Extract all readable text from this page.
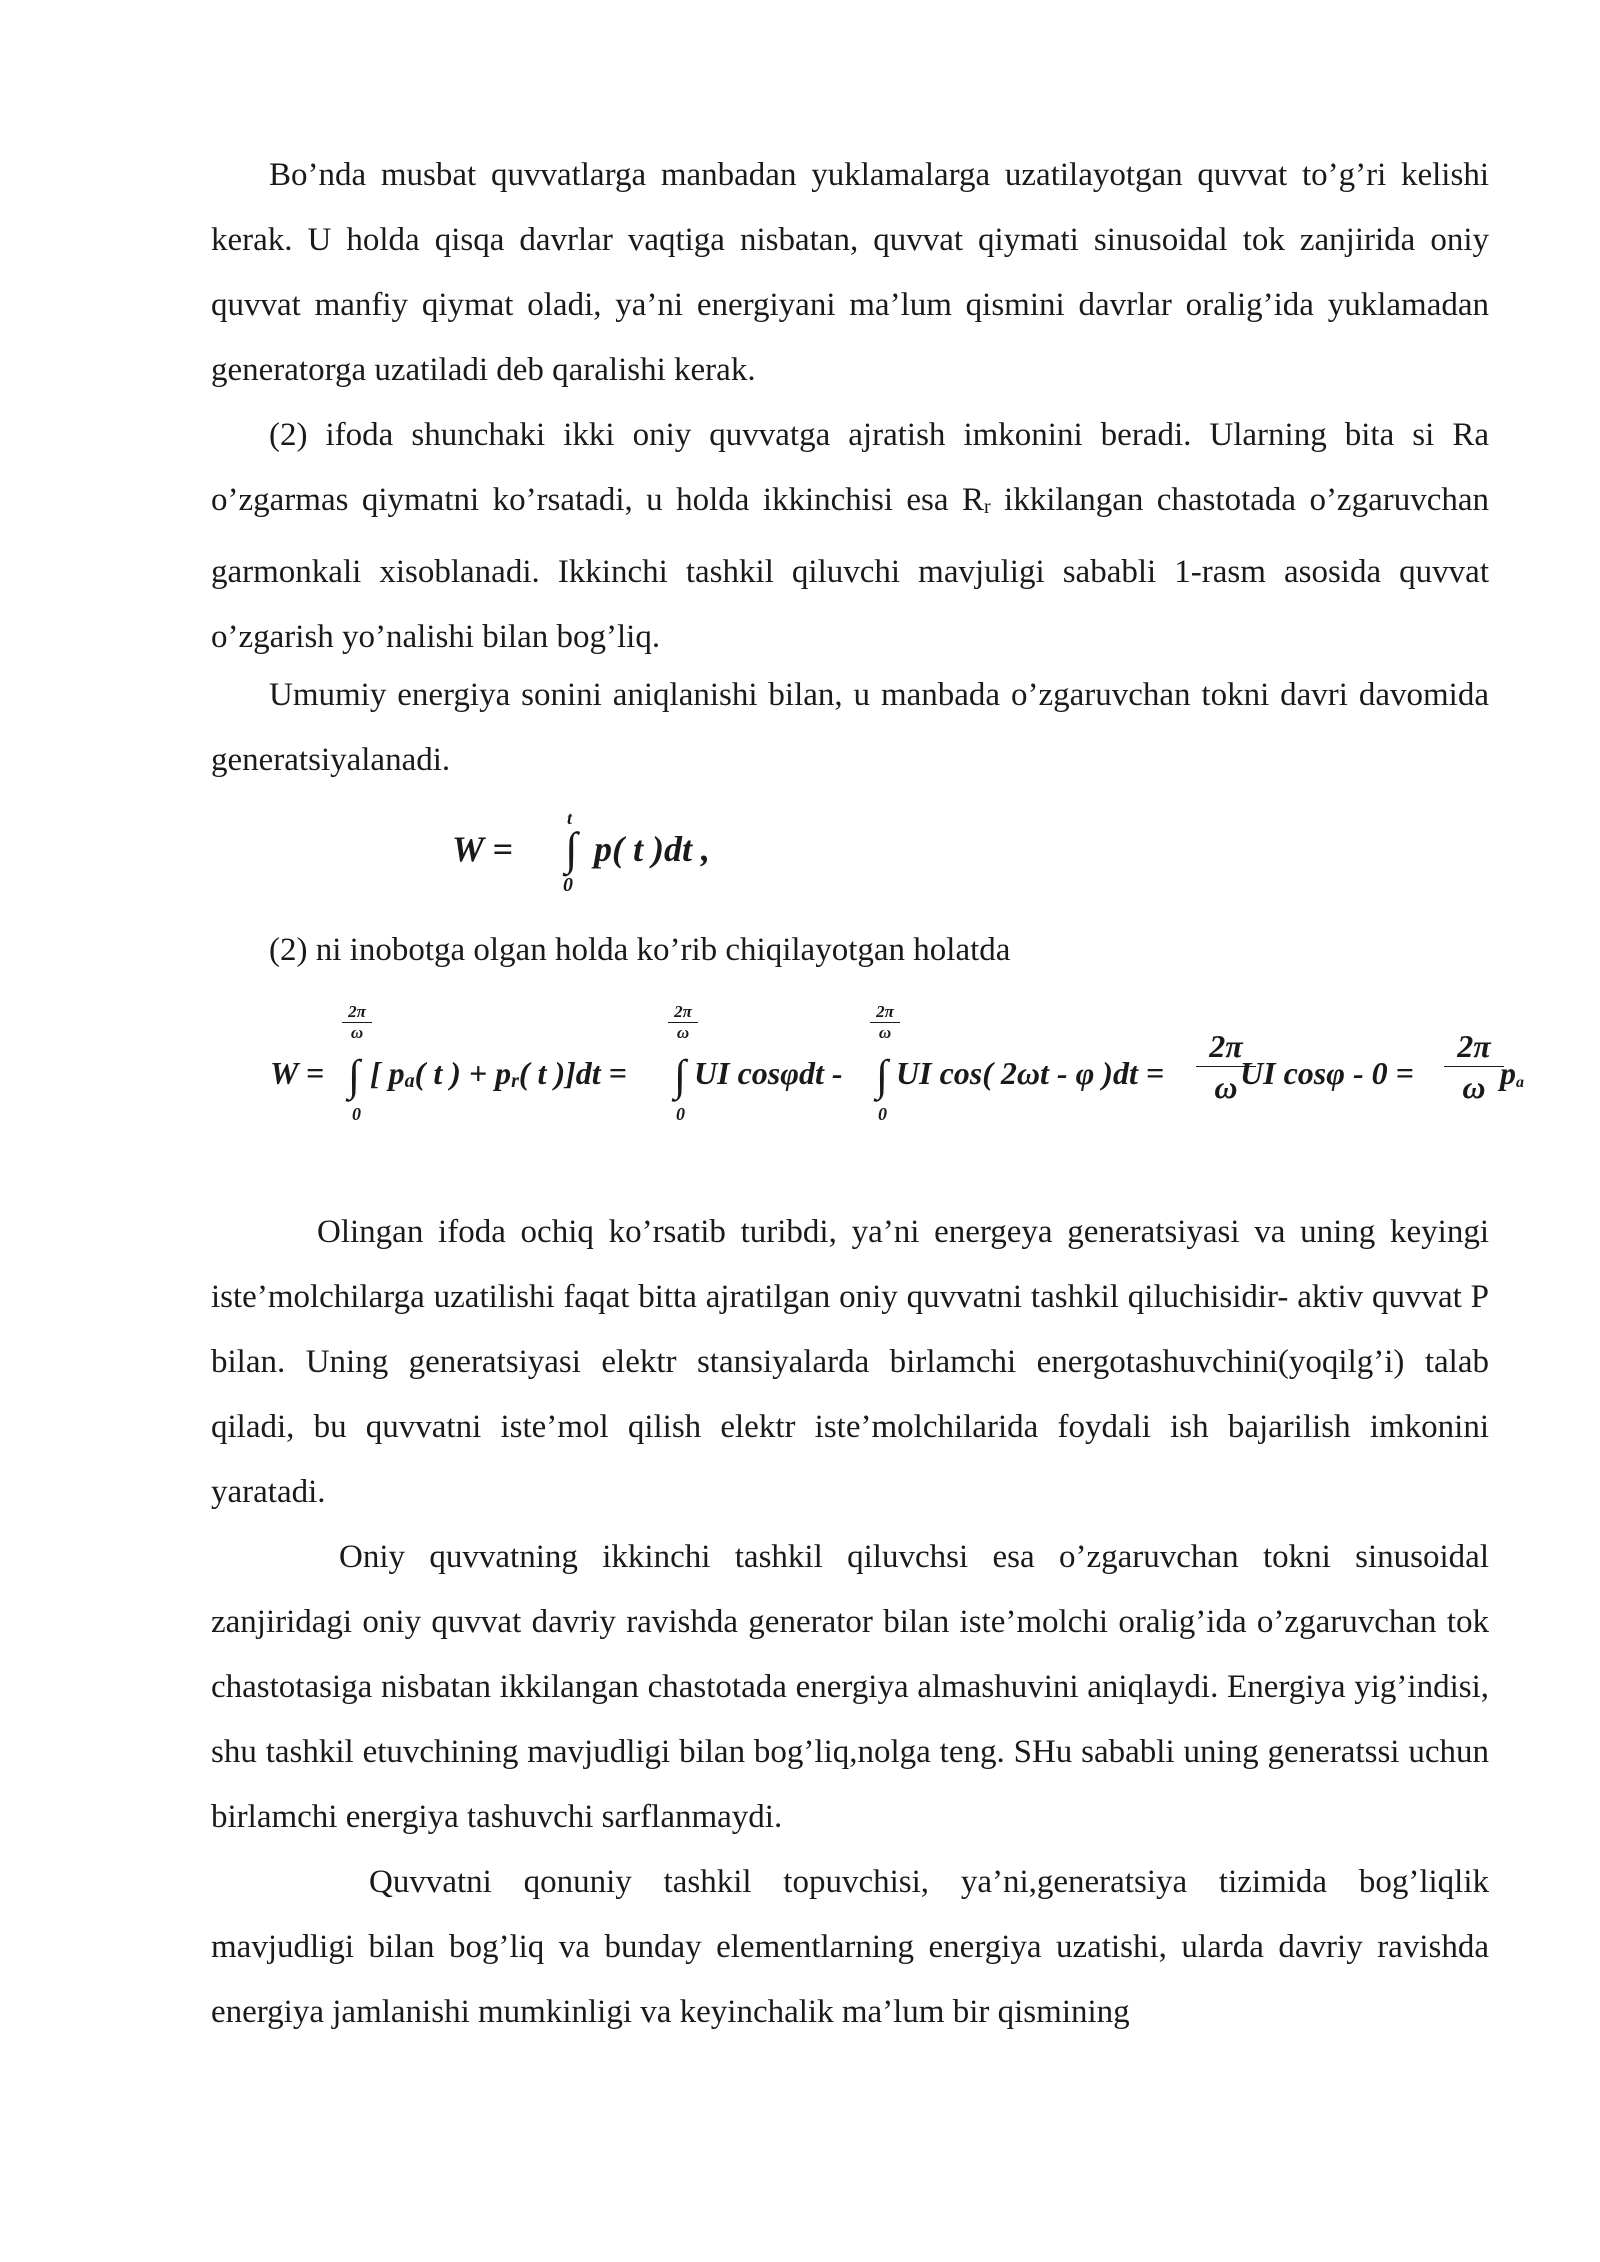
Bo’nda musbat quvvatlarga manbadan yuklamalarga uzatilayotgan quvvat to’g’ri kelishi kerak. U holda qisqa davrlar vaqtiga nisbatan, quvvat qiymati sinusoidal tok zanjirida oniy quvvat manfiy qiymat oladi, ya’ni energiyani ma’lum qismini davrlar oralig’ida yuklamadan generatorga uzatiladi deb qaralishi kerak.

(2) ifoda shunchaki ikki oniy quvvatga ajratish imkonini beradi. Ularning bita si Ra o’zgarmas qiymatni ko’rsatadi, u holda ikkinchisi esa Rr ikkilangan chastotada o’zgaruvchan garmonkali xisoblanadi. Ikkinchi tashkil qiluvchi mavjuligi sababli 1-rasm asosida quvvat o’zgarish yo’nalishi bilan bog’liq.

Umumiy energiya sonini aniqlanishi bilan, u manbada o’zgaruvchan tokni davri davomida generatsiyalanadi.

W = ∫
t
0
p( t )dt ,

(2) ni inobotga olgan holda ko’rib chiqilayotgan holatda

W =
2π
ω
∫
0
[ pa( t ) + pr( t )]dt =
2π
ω
∫
0
UI cosφdt -
2π
ω
∫
0
UI cos( 2ωt - φ )dt =
2π
ω UI cosφ - 0 =
2π
ω pa

Olingan ifoda ochiq ko’rsatib turibdi, ya’ni energeya generatsiyasi va uning keyingi iste’molchilarga uzatilishi faqat bitta ajratilgan oniy quvvatni tashkil qiluchisidir- aktiv quvvat P bilan. Uning generatsiyasi elektr stansiyalarda birlamchi energotashuvchini(yoqilg’i) talab qiladi, bu quvvatni iste’mol qilish elektr iste’molchilarida foydali ish bajarilish imkonini yaratadi.

Oniy quvvatning ikkinchi tashkil qiluvchsi esa o’zgaruvchan tokni sinusoidal zanjiridagi oniy quvvat davriy ravishda generator bilan iste’molchi oralig’ida o’zgaruvchan tok chastotasiga nisbatan ikkilangan chastotada energiya almashuvini aniqlaydi. Energiya yig’indisi, shu tashkil etuvchining mavjudligi bilan bog’liq,nolga teng. SHu sababli uning generatssi uchun birlamchi energiya tashuvchi sarflanmaydi.

Quvvatni qonuniy tashkil topuvchisi, ya’ni,generatsiya tizimida bog’liqlik mavjudligi bilan bog’liq va bunday elementlarning energiya uzatishi, ularda davriy ravishda energiya jamlanishi mumkinligi va keyinchalik ma’lum bir qismining
